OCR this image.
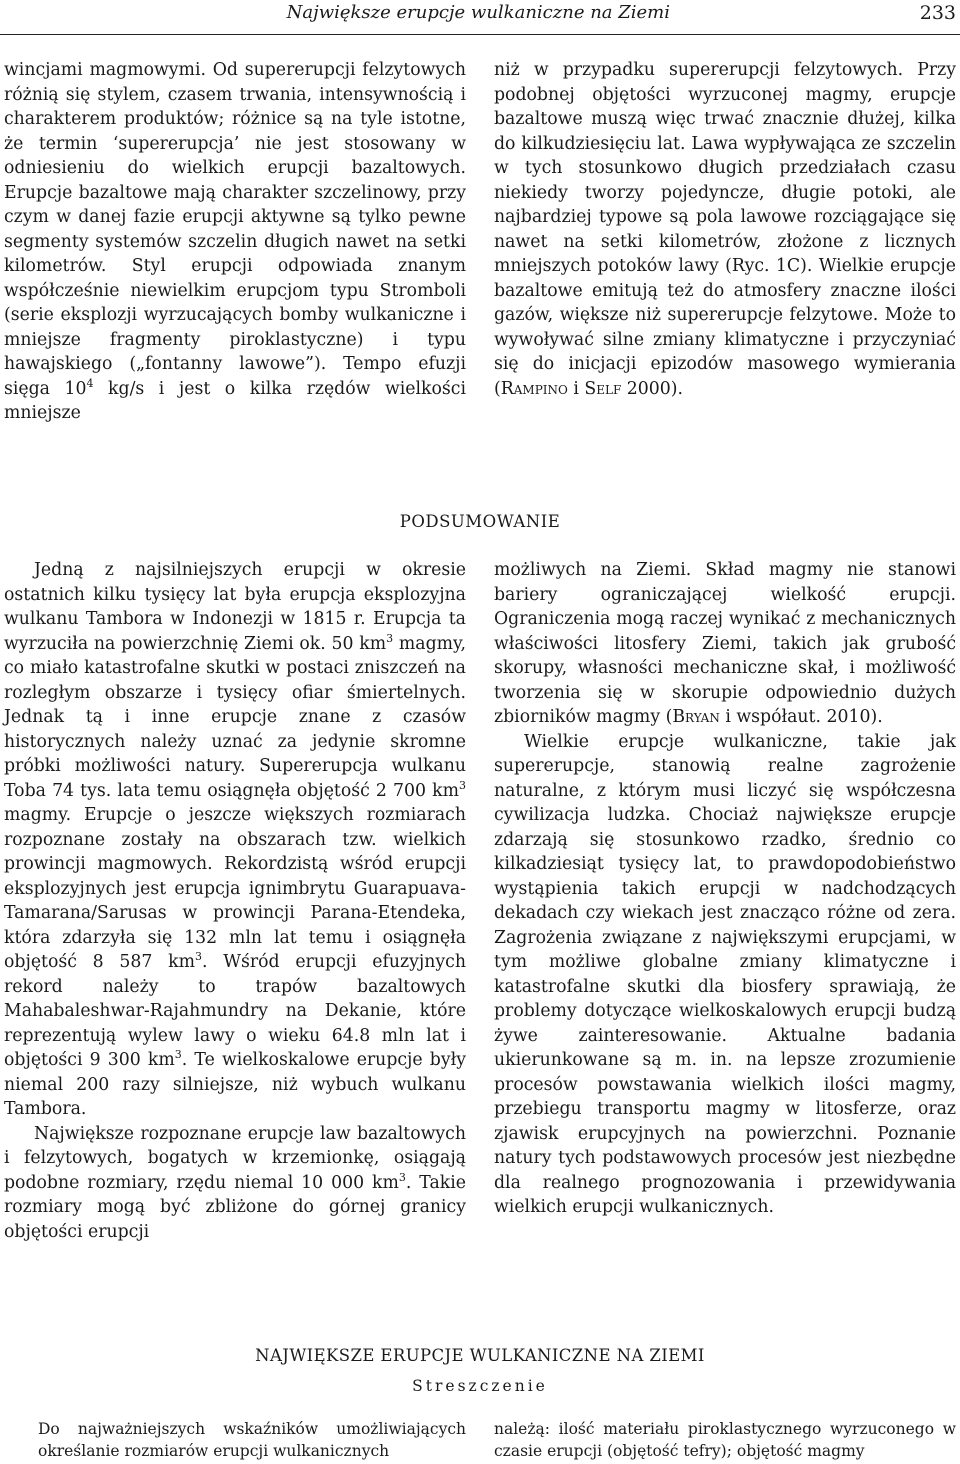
Największe erupcje wulkaniczne na Ziemi	233

wincjami magmowymi. Od supererupcji felzytowych różnią się stylem, czasem trwania, intensywnością i charakterem produktów; różnice są na tyle istotne, że termin ‘supererupcja’ nie jest stosowany w odniesieniu do wielkich erupcji bazaltowych. Erupcje bazaltowe mają charakter szczelinowy, przy czym w danej fazie erupcji aktywne są tylko pewne segmenty systemów szczelin długich nawet na setki kilometrów. Styl erupcji odpowiada znanym współcześnie niewielkim erupcjom typu Stromboli (serie eksplozji wyrzucających bomby wulkaniczne i mniejsze fragmenty piroklastyczne) i typu hawajskiego („fontanny lawowe”). Tempo efuzji sięga $10^4$ kg/s i jest o kilka rzędów wielkości mniejsze

niż w przypadku supererupcji felzytowych. Przy podobnej objętości wyrzuconej magmy, erupcje bazaltowe muszą więc trwać znacznie dłużej, kilka do kilkudziesięciu lat. Lawa wypływająca ze szczelin w tych stosunkowo długich przedziałach czasu niekiedy tworzy pojedyncze, długie potoki, ale najbardziej typowe są pola lawowe rozciągające się nawet na setki kilometrów, złożone z licznych mniejszych potoków lawy (Ryc. 1C). Wielkie erupcje bazaltowe emitują też do atmosfery znaczne ilości gazów, większe niż supererupcje felzytowe. Może to wywoływać silne zmiany klimatyczne i przyczyniać się do inicjacji epizodów masowego wymierania (Rampino i Self 2000).

PODSUMOWANIE

Jedną z najsilniejszych erupcji w okresie ostatnich kilku tysięcy lat była erupcja eksplozyjna wulkanu Tambora w Indonezji w 1815 r. Erupcja ta wyrzuciła na powierzchnię Ziemi ok. 50 $km^3$ magmy, co miało katastrofalne skutki w postaci zniszczeń na rozległym obszarze i tysięcy ofiar śmiertelnych. Jednak tą i inne erupcje znane z czasów historycznych należy uznać za jedynie skromne próbki możliwości natury. Supererupcja wulkanu Toba 74 tys. lata temu osiągnęła objętość 2 700 $km^3$ magmy. Erupcje o jeszcze większych rozmiarach rozpoznane zostały na obszarach tzw. wielkich prowincji magmowych. Rekordzistą wśród erupcji eksplozyjnych jest erupcja ignimbrytu Guarapuava-Tamarana/Sarusas w prowincji Parana-Etendeka, która zdarzyła się 132 mln lat temu i osiągnęła objętość 8 587 $km^3$. Wśród erupcji efuzyjnych rekord należy to trapów bazaltowych Mahabaleshwar-Rajahmundry na Dekanie, które reprezentują wylew lawy o wieku 64.8 mln lat i objętości 9 300 $km^3$. Te wielkoskalowe erupcje były niemal 200 razy silniejsze, niż wybuch wulkanu Tambora.

Największe rozpoznane erupcje law bazaltowych i felzytowych, bogatych w krzemionkę, osiągają podobne rozmiary, rzędu niemal 10 000 $km^3$. Takie rozmiary mogą być zbliżone do górnej granicy objętości erupcji

możliwych na Ziemi. Skład magmy nie stanowi bariery ograniczającej wielkość erupcji. Ograniczenia mogą raczej wynikać z mechanicznych właściwości litosfery Ziemi, takich jak grubość skorupy, własności mechaniczne skał, i możliwość tworzenia się w skorupie odpowiednio dużych zbiorników magmy (Bryan i współaut. 2010).

Wielkie erupcje wulkaniczne, takie jak supererupcje, stanowią realne zagrożenie naturalne, z którym musi liczyć się współczesna cywilizacja ludzka. Chociaż największe erupcje zdarzają się stosunkowo rzadko, średnio co kilkadziesiąt tysięcy lat, to prawdopodobieństwo wystąpienia takich erupcji w nadchodzących dekadach czy wiekach jest znacząco różne od zera. Zagrożenia związane z największymi erupcjami, w tym możliwe globalne zmiany klimatyczne i katastrofalne skutki dla biosfery sprawiają, że problemy dotyczące wielkoskalowych erupcji budzą żywe zainteresowanie. Aktualne badania ukierunkowane są m. in. na lepsze zrozumienie procesów powstawania wielkich ilości magmy, przebiegu transportu magmy w litosferze, oraz zjawisk erupcyjnych na powierzchni. Poznanie natury tych podstawowych procesów jest niezbędne dla realnego prognozowania i przewidywania wielkich erupcji wulkanicznych.

NAJWIĘKSZE ERUPCJE WULKANICZNE NA ZIEMI
Streszczenie

Do najważniejszych wskaźników umożliwiających określanie rozmiarów erupcji wulkanicznych

należą: ilość materiału piroklastycznego wyrzuconego w czasie erupcji (objętość tefry); objętość magmy
